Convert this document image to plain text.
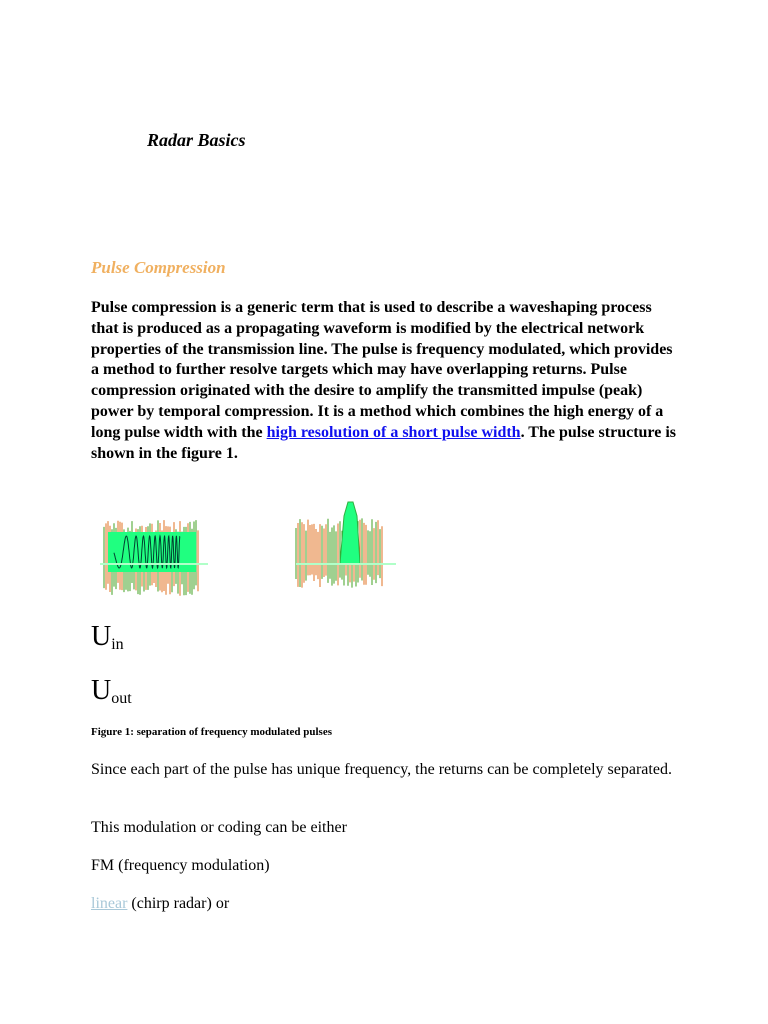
Radar Basics
Pulse Compression

Pulse compression is a generic term that is used to describe a waveshaping process that is produced as a propagating waveform is modified by the electrical network properties of the transmission line. The pulse is frequency modulated, which provides a method to further resolve targets which may have overlapping returns. Pulse compression originated with the desire to amplify the transmitted impulse (peak) power by temporal compression. It is a method which combines the high energy of a long pulse width with the high resolution of a short pulse width. The pulse structure is shown in the figure 1.

$U_{in}$

$U_{out}$

Figure 1: separation of frequency modulated pulses

Since each part of the pulse has unique frequency, the returns can be completely separated.

This modulation or coding can be either

FM (frequency modulation)

linear (chirp radar) or
